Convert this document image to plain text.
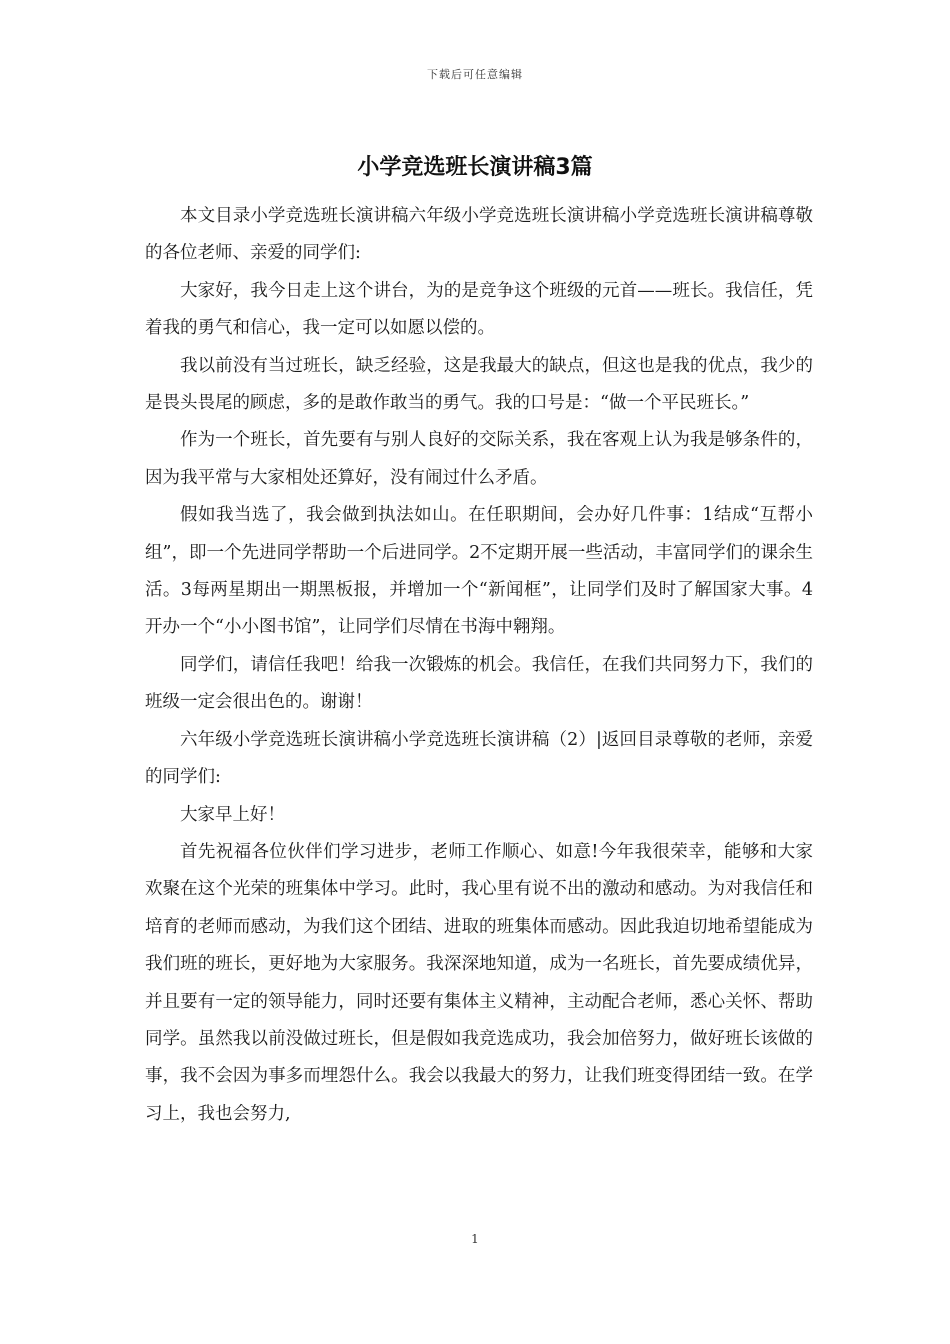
下载后可任意编辑
小学竞选班长演讲稿3篇

本文目录小学竞选班长演讲稿六年级小学竞选班长演讲稿小学竞选班长演讲稿尊敬的各位老师、亲爱的同学们:

大家好，我今日走上这个讲台，为的是竞争这个班级的元首——班长。我信任，凭着我的勇气和信心，我一定可以如愿以偿的。

我以前没有当过班长，缺乏经验，这是我最大的缺点，但这也是我的优点，我少的是畏头畏尾的顾虑，多的是敢作敢当的勇气。我的口号是：“做一个平民班长。”

作为一个班长，首先要有与别人良好的交际关系，我在客观上认为我是够条件的，因为我平常与大家相处还算好，没有闹过什么矛盾。

假如我当选了，我会做到执法如山。在任职期间，会办好几件事：1结成“互帮小组”，即一个先进同学帮助一个后进同学。2不定期开展一些活动，丰富同学们的课余生活。3每两星期出一期黑板报，并增加一个“新闻框”，让同学们及时了解国家大事。4开办一个“小小图书馆”，让同学们尽情在书海中翱翔。

同学们，请信任我吧！给我一次锻炼的机会。我信任，在我们共同努力下，我们的班级一定会很出色的。谢谢！

六年级小学竞选班长演讲稿小学竞选班长演讲稿（2）|返回目录尊敬的老师，亲爱的同学们:

大家早上好！

首先祝福各位伙伴们学习进步，老师工作顺心、如意!今年我很荣幸，能够和大家欢聚在这个光荣的班集体中学习。此时，我心里有说不出的激动和感动。为对我信任和培育的老师而感动，为我们这个团结、进取的班集体而感动。因此我迫切地希望能成为我们班的班长，更好地为大家服务。我深深地知道，成为一名班长，首先要成绩优异，并且要有一定的领导能力，同时还要有集体主义精神，主动配合老师，悉心关怀、帮助同学。虽然我以前没做过班长，但是假如我竞选成功，我会加倍努力，做好班长该做的事，我不会因为事多而埋怨什么。我会以我最大的努力，让我们班变得团结一致。在学习上，我也会努力,

1
